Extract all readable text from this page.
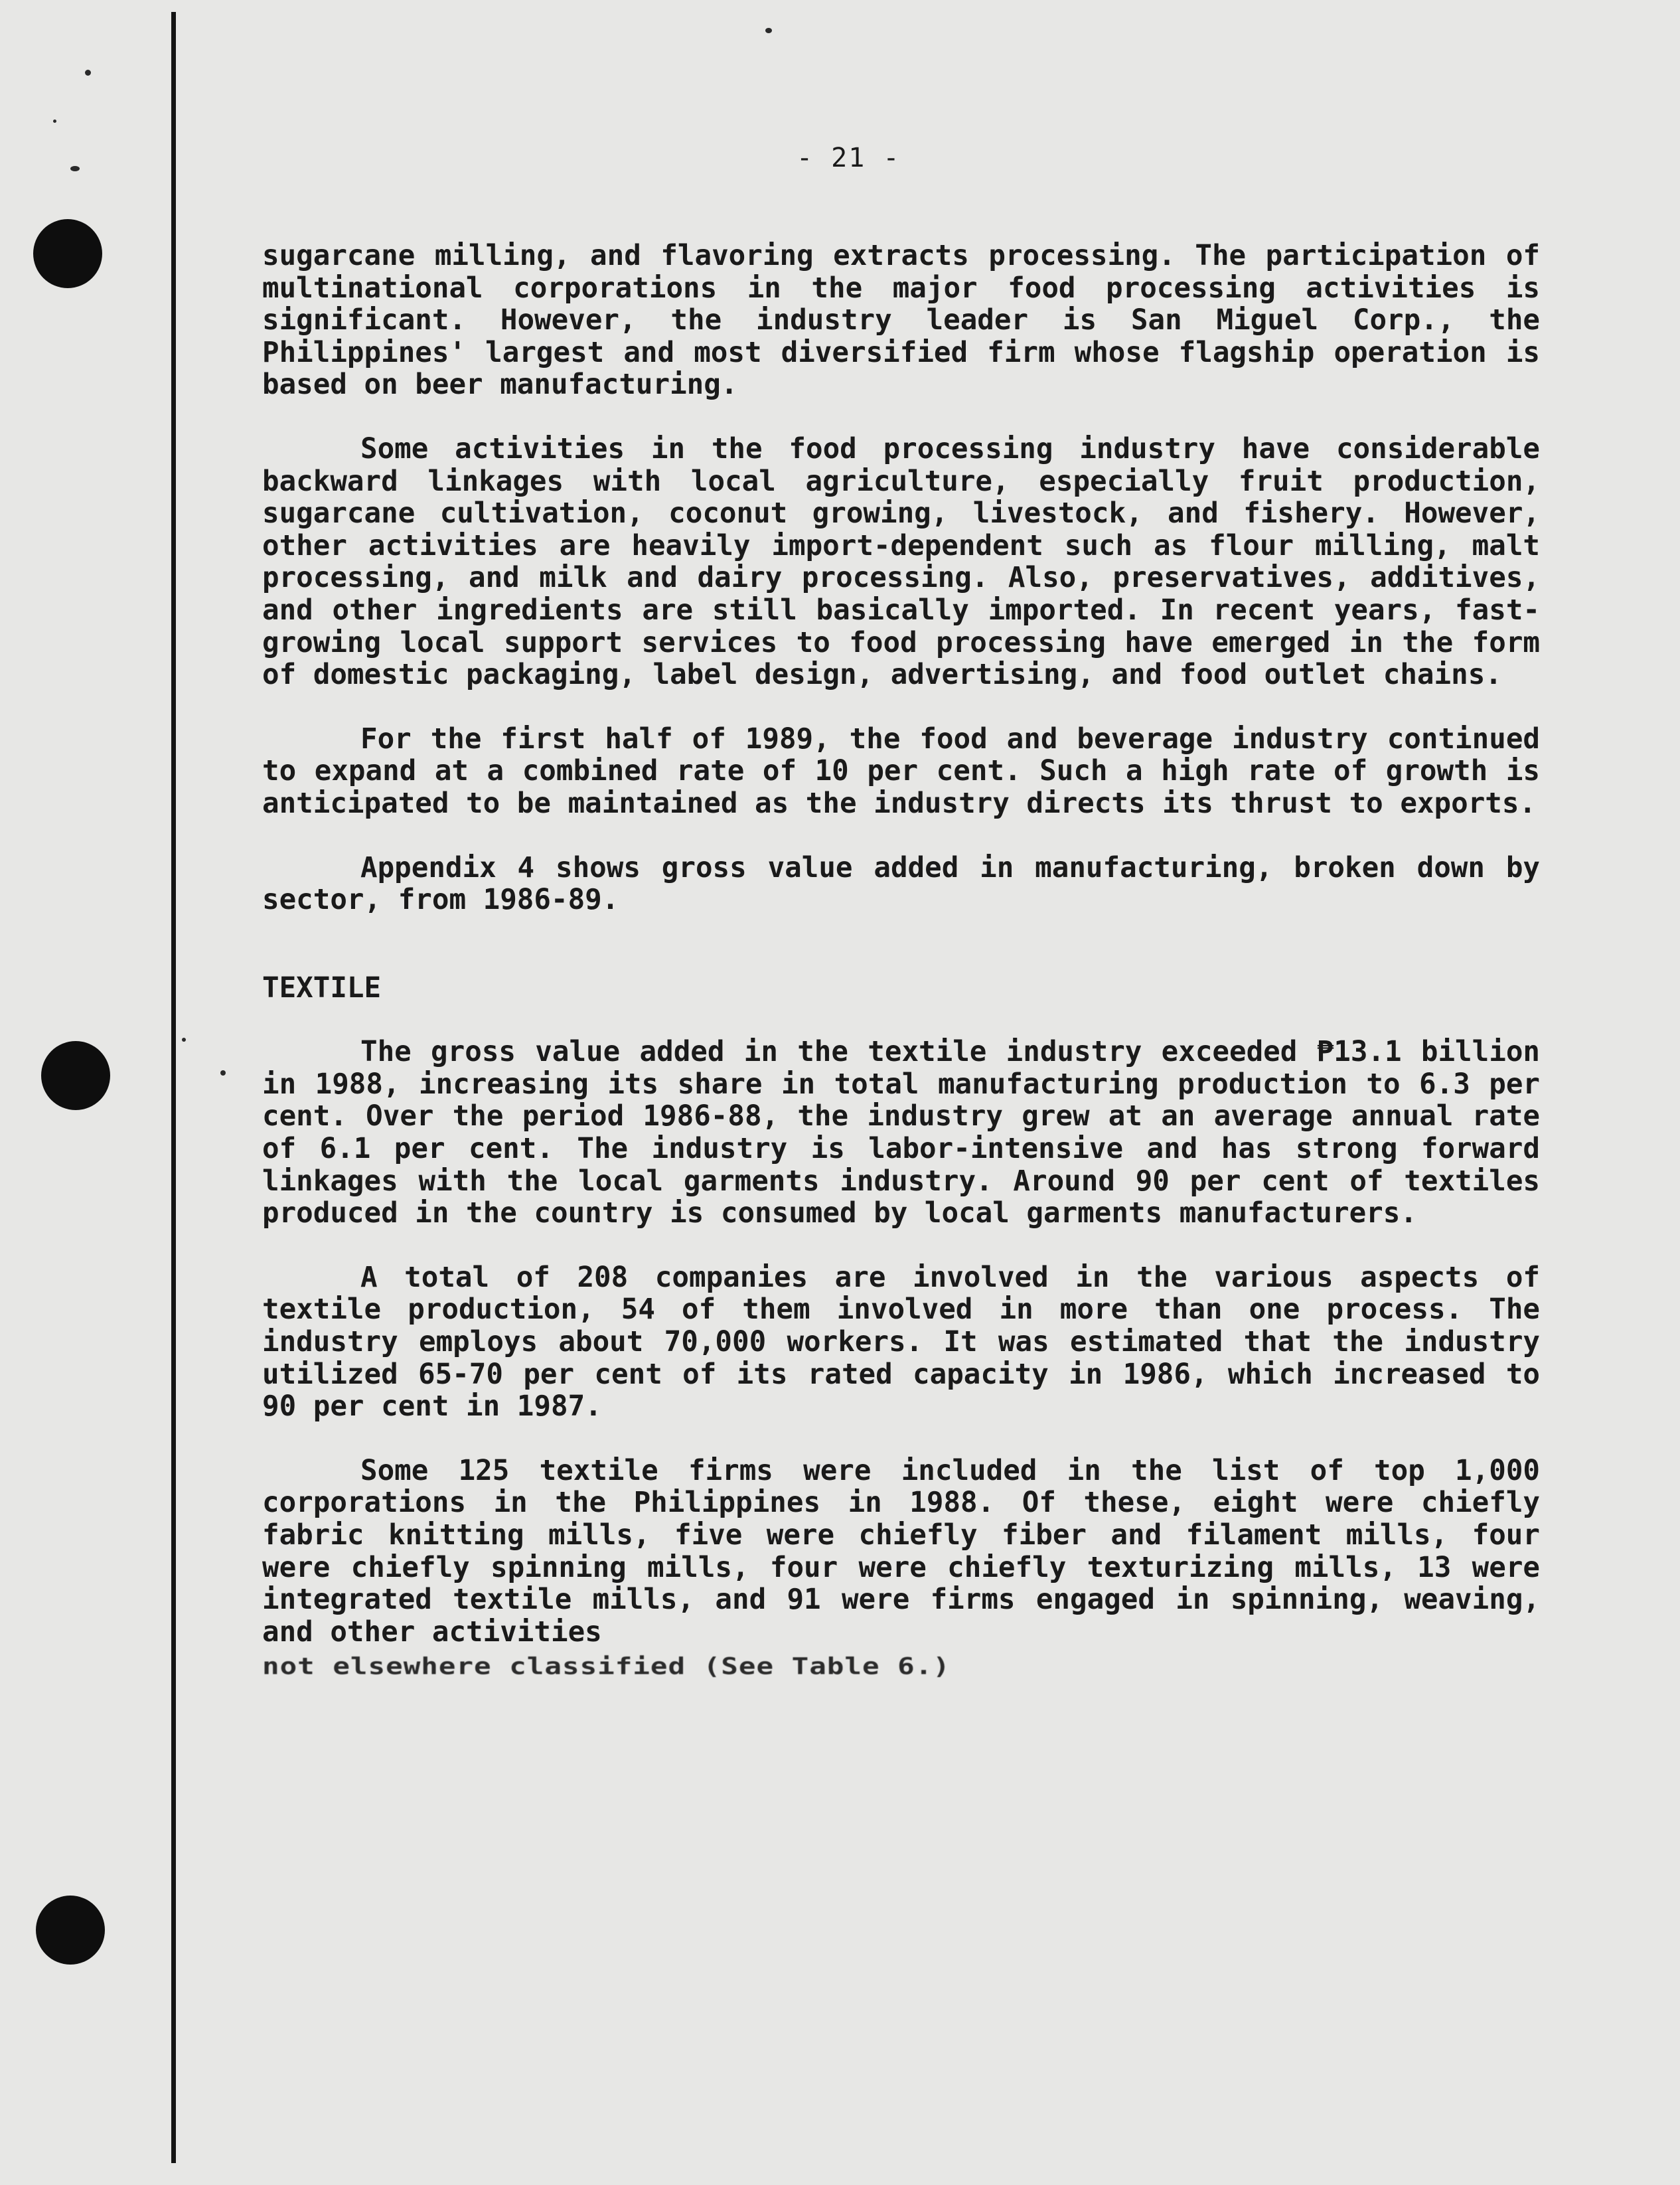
- 21 -

sugarcane milling, and flavoring extracts processing. The participation of multinational corporations in the major food processing activities is significant. However, the industry leader is San Miguel Corp., the Philippines' largest and most diversified firm whose flagship operation is based on beer manufacturing.

Some activities in the food processing industry have considerable backward linkages with local agriculture, especially fruit production, sugarcane cultivation, coconut growing, livestock, and fishery. However, other activities are heavily import-dependent such as flour milling, malt processing, and milk and dairy processing. Also, preservatives, additives, and other ingredients are still basically imported. In recent years, fast-growing local support services to food processing have emerged in the form of domestic packaging, label design, advertising, and food outlet chains.

For the first half of 1989, the food and beverage industry continued to expand at a combined rate of 10 per cent. Such a high rate of growth is anticipated to be maintained as the industry directs its thrust to exports.

Appendix 4 shows gross value added in manufacturing, broken down by sector, from 1986-89.

TEXTILE

The gross value added in the textile industry exceeded ₱13.1 billion in 1988, increasing its share in total manufacturing production to 6.3 per cent. Over the period 1986-88, the industry grew at an average annual rate of 6.1 per cent. The industry is labor-intensive and has strong forward linkages with the local garments industry. Around 90 per cent of textiles produced in the country is consumed by local garments manufacturers.

A total of 208 companies are involved in the various aspects of textile production, 54 of them involved in more than one process. The industry employs about 70,000 workers. It was estimated that the industry utilized 65-70 per cent of its rated capacity in 1986, which increased to 90 per cent in 1987.

Some 125 textile firms were included in the list of top 1,000 corporations in the Philippines in 1988. Of these, eight were chiefly fabric knitting mills, five were chiefly fiber and filament mills, four were chiefly spinning mills, four were chiefly texturizing mills, 13 were integrated textile mills, and 91 were firms engaged in spinning, weaving, and other activities

not elsewhere classified (See Table 6.)
